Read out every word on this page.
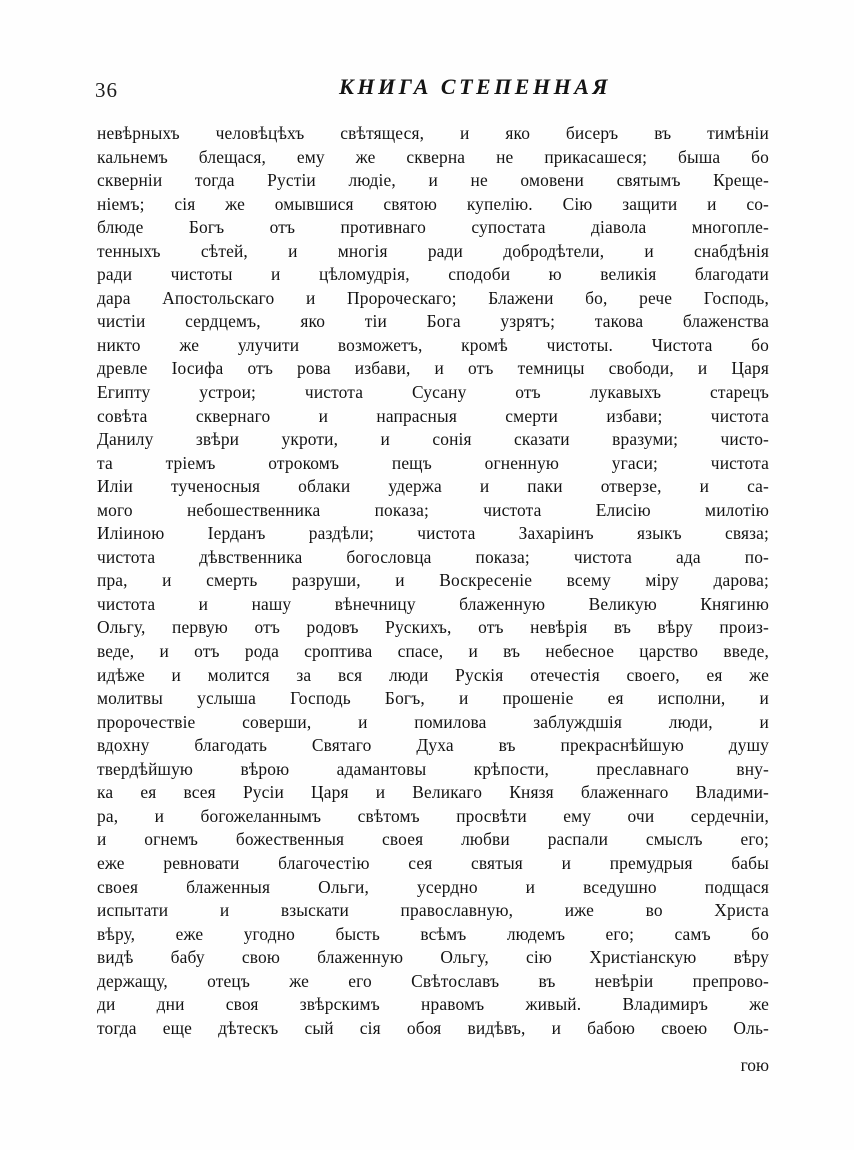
36	КНИГА СТЕПЕННАЯ
невѣрныхъ человѣцѣхъ свѣтящеся, и яко бисеръ въ тимѣнiи
кальнемъ блещася, ему же скверна не прикасашеся; быша бо
сквернiи тогда Рустiи людiе, и не омовени святымъ Креще-
нiемъ; сiя же омывшися святою купелiю. Сiю защити и со-
блюде Богъ отъ противнаго супостата дiавола многопле-
тенныхъ сѣтей, и многiя ради добродѣтели, и снабдѣнiя
ради чистоты и цѣломудрiя, сподоби ю великiя благодати
дара Апостольскаго и Пророческаго; Блажени бо, рече Господь,
чистiи сердцемъ, яко тiи Бога узрятъ; такова блаженства
никто же улучити возможетъ, кромѣ чистоты. Чистота бо
древле Iосифа отъ рова избави, и отъ темницы свободи, и Царя
Египту устрои; чистота Сусану отъ лукавыхъ старецъ
совѣта сквернаго и напрасныя смерти избави; чистота
Данилу звѣри укроти, и сонiя сказати вразуми; чисто-
та трiемъ отрокомъ пещъ огненную угаси; чистота
Илiи тученосныя облаки удержа и паки отверзе, и са-
мого небошественника показа; чистота Елисiю милотiю
Илiиною Iерданъ раздѣли; чистота Захарiинъ языкъ связа;
чистота дѣвственника богословца показа; чистота ада по-
пра, и смерть разруши, и Воскресенiе всему мiру дарова;
чистота и нашу вѣнечницу блаженную Великую Княгиню
Ольгу, первую отъ родовъ Рускихъ, отъ невѣрiя въ вѣру произ-
веде, и отъ рода сроптива спасе, и въ небесное царство введе,
идѣже и молится за вся люди Рускiя отечестiя своего, ея же
молитвы услыша Господь Богъ, и прошенiе ея исполни, и
пророчествiе соверши, и помилова заблуждшiя люди, и
вдохну благодать Святаго Духа въ прекраснѣйшую душу
твердѣйшую вѣрою адамантовы крѣпости, преславнаго вну-
ка ея всея Русiи Царя и Великаго Князя блаженнаго Владими-
ра, и богожеланнымъ свѣтомъ просвѣти ему очи сердечнiи,
и огнемъ божественныя своея любви распали смыслъ его;
еже ревновати благочестiю сея святыя и премудрыя бабы
своея блаженныя Ольги, усердно и вседушно подщася
испытати и взыскати православную, иже во Христа
вѣру, еже угодно бысть всѣмъ людемъ его; самъ бо
видѣ бабу свою блаженную Ольгу, сiю Христiанскую вѣру
держащу, отецъ же его Свѣтославъ въ невѣрiи препрово-
ди дни своя звѣрскимъ нравомъ живый. Владимиръ же
тогда еще дѣтескъ сый сiя обоя видѣвъ, и бабою своею Оль-
гою
